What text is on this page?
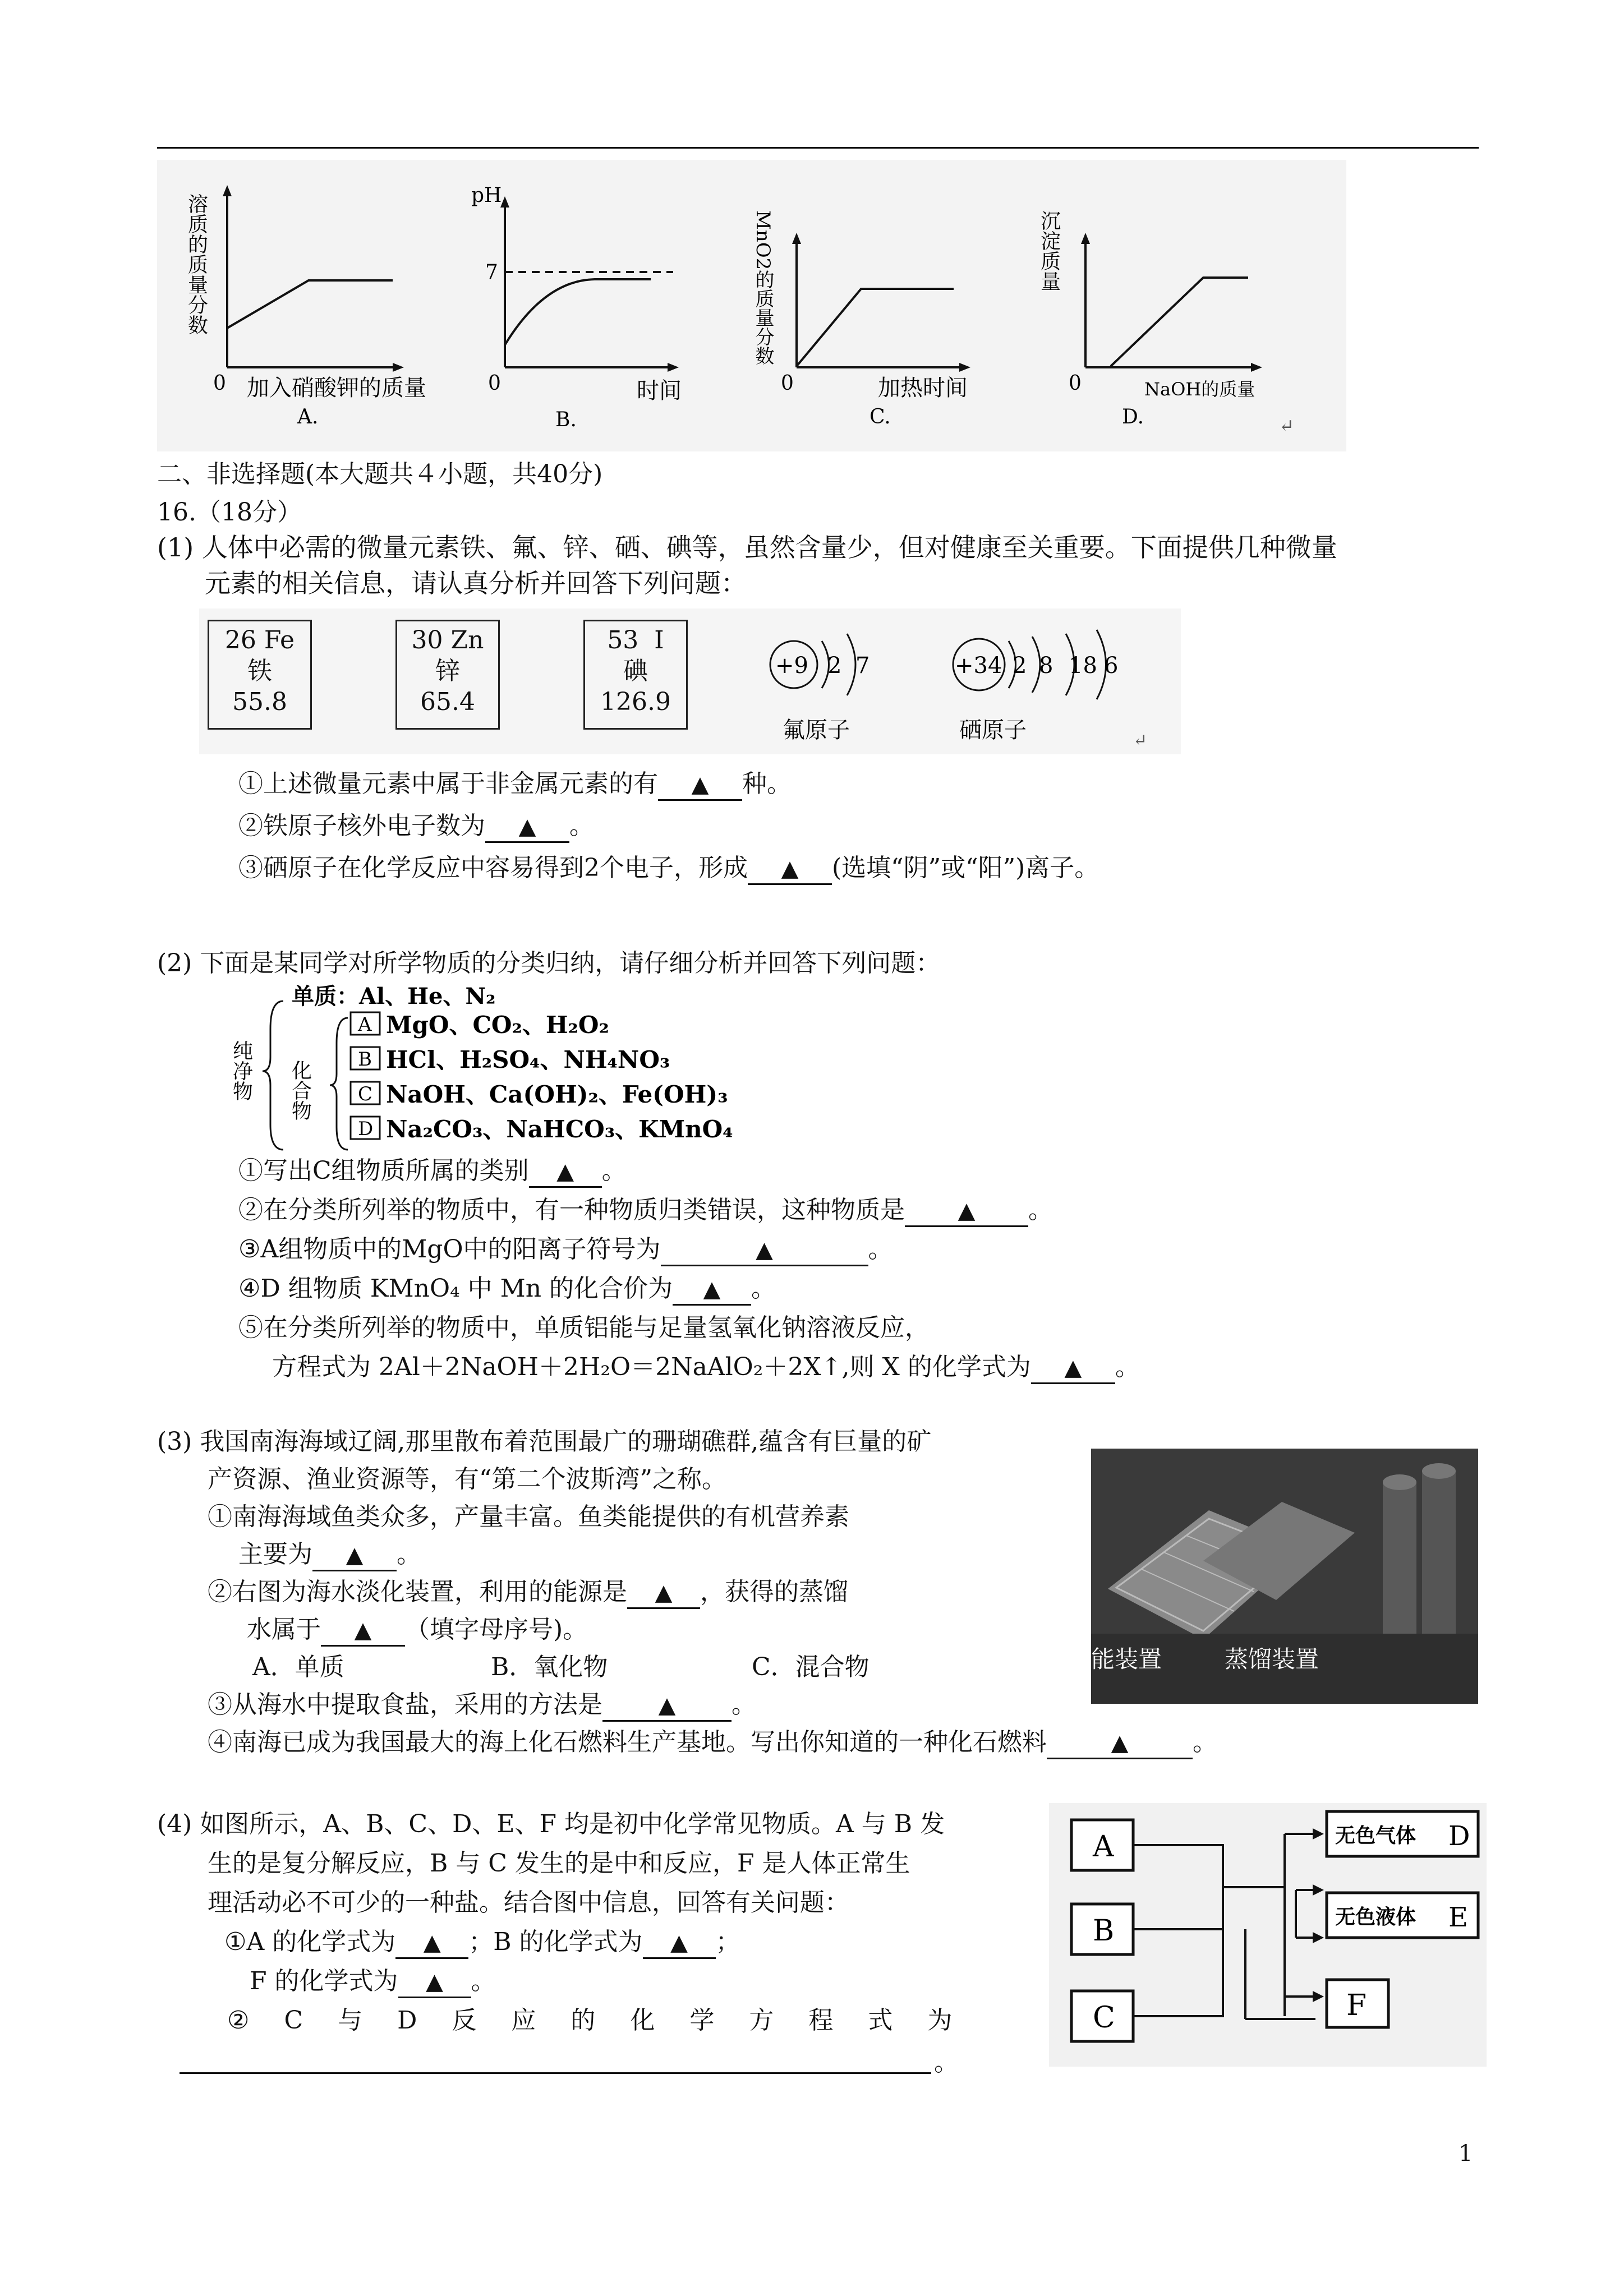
溶质的质量分数
0 加入硝酸钾的质量
A.
pH
7
0	时间
B.
MnO2的质量分数
0	加热时间
C.
沉淀质量
0	NaOH的质量
D.	↵
二、非选择题(本大题共４小题，共40分)
16.（18分）
(1) 人体中必需的微量元素铁、氟、锌、硒、碘等，虽然含量少，但对健康至关重要。下面提供几种微量
元素的相关信息，请认真分析并回答下列问题：
26 Fe
铁
55.8
30 Zn
锌
65.4
53 I
碘
126.9
+9 2 7
氟原子
+34 2 8 18 6
硒原子	↵
①上述微量元素中属于非金属元素的有 ▲ 种。
②铁原子核外电子数为 ▲ 。
③硒原子在化学反应中容易得到2个电子，形成 ▲ (选填“阴”或“阳”)离子。
(2) 下面是某同学对所学物质的分类归纳，请仔细分析并回答下列问题：
纯净物
单质：Al、He、N₂
化合物
A MgO、CO₂、H₂O₂
B HCl、H₂SO₄、NH₄NO₃
C NaOH、Ca(OH)₂、Fe(OH)₃
D Na₂CO₃、NaHCO₃、KMnO₄
①写出C组物质所属的类别 ▲ 。
②在分类所列举的物质中，有一种物质归类错误，这种物质是 ▲ 。
③A组物质中的MgO中的阳离子符号为	▲	。
④D 组物质 KMnO₄ 中 Mn 的化合价为 ▲ 。
⑤在分类所列举的物质中，单质铝能与足量氢氧化钠溶液反应，
方程式为 2Al＋2NaOH＋2H₂O＝2NaAlO₂＋2X↑,则 X 的化学式为 ▲ 。
(3) 我国南海海域辽阔,那里散布着范围最广的珊瑚礁群,蕴含有巨量的矿
产资源、渔业资源等，有“第二个波斯湾”之称。
①南海海域鱼类众多，产量丰富。鱼类能提供的有机营养素
主要为 ▲ 。
②右图为海水淡化装置，利用的能源是 ▲ ，获得的蒸馏
水属于 ▲ （填字母序号)。
A．单质	B．氧化物	C．混合物
③从海水中提取食盐，采用的方法是 ▲ 。
④南海已成为我国最大的海上化石燃料生产基地。写出你知道的一种化石燃料	▲	。
能装置	蒸馏装置
(4) 如图所示，A、B、C、D、E、F 均是初中化学常见物质。A 与 B 发
生的是复分解反应，B 与 C 发生的是中和反应，F 是人体正常生
理活动必不可少的一种盐。结合图中信息，回答有关问题：
①A 的化学式为 ▲ ；B 的化学式为 ▲ ；
F 的化学式为 ▲ 。
②C与D反应的化学方程式为
。
A
B
C
无色气体 D
无色液体 E
F
1
